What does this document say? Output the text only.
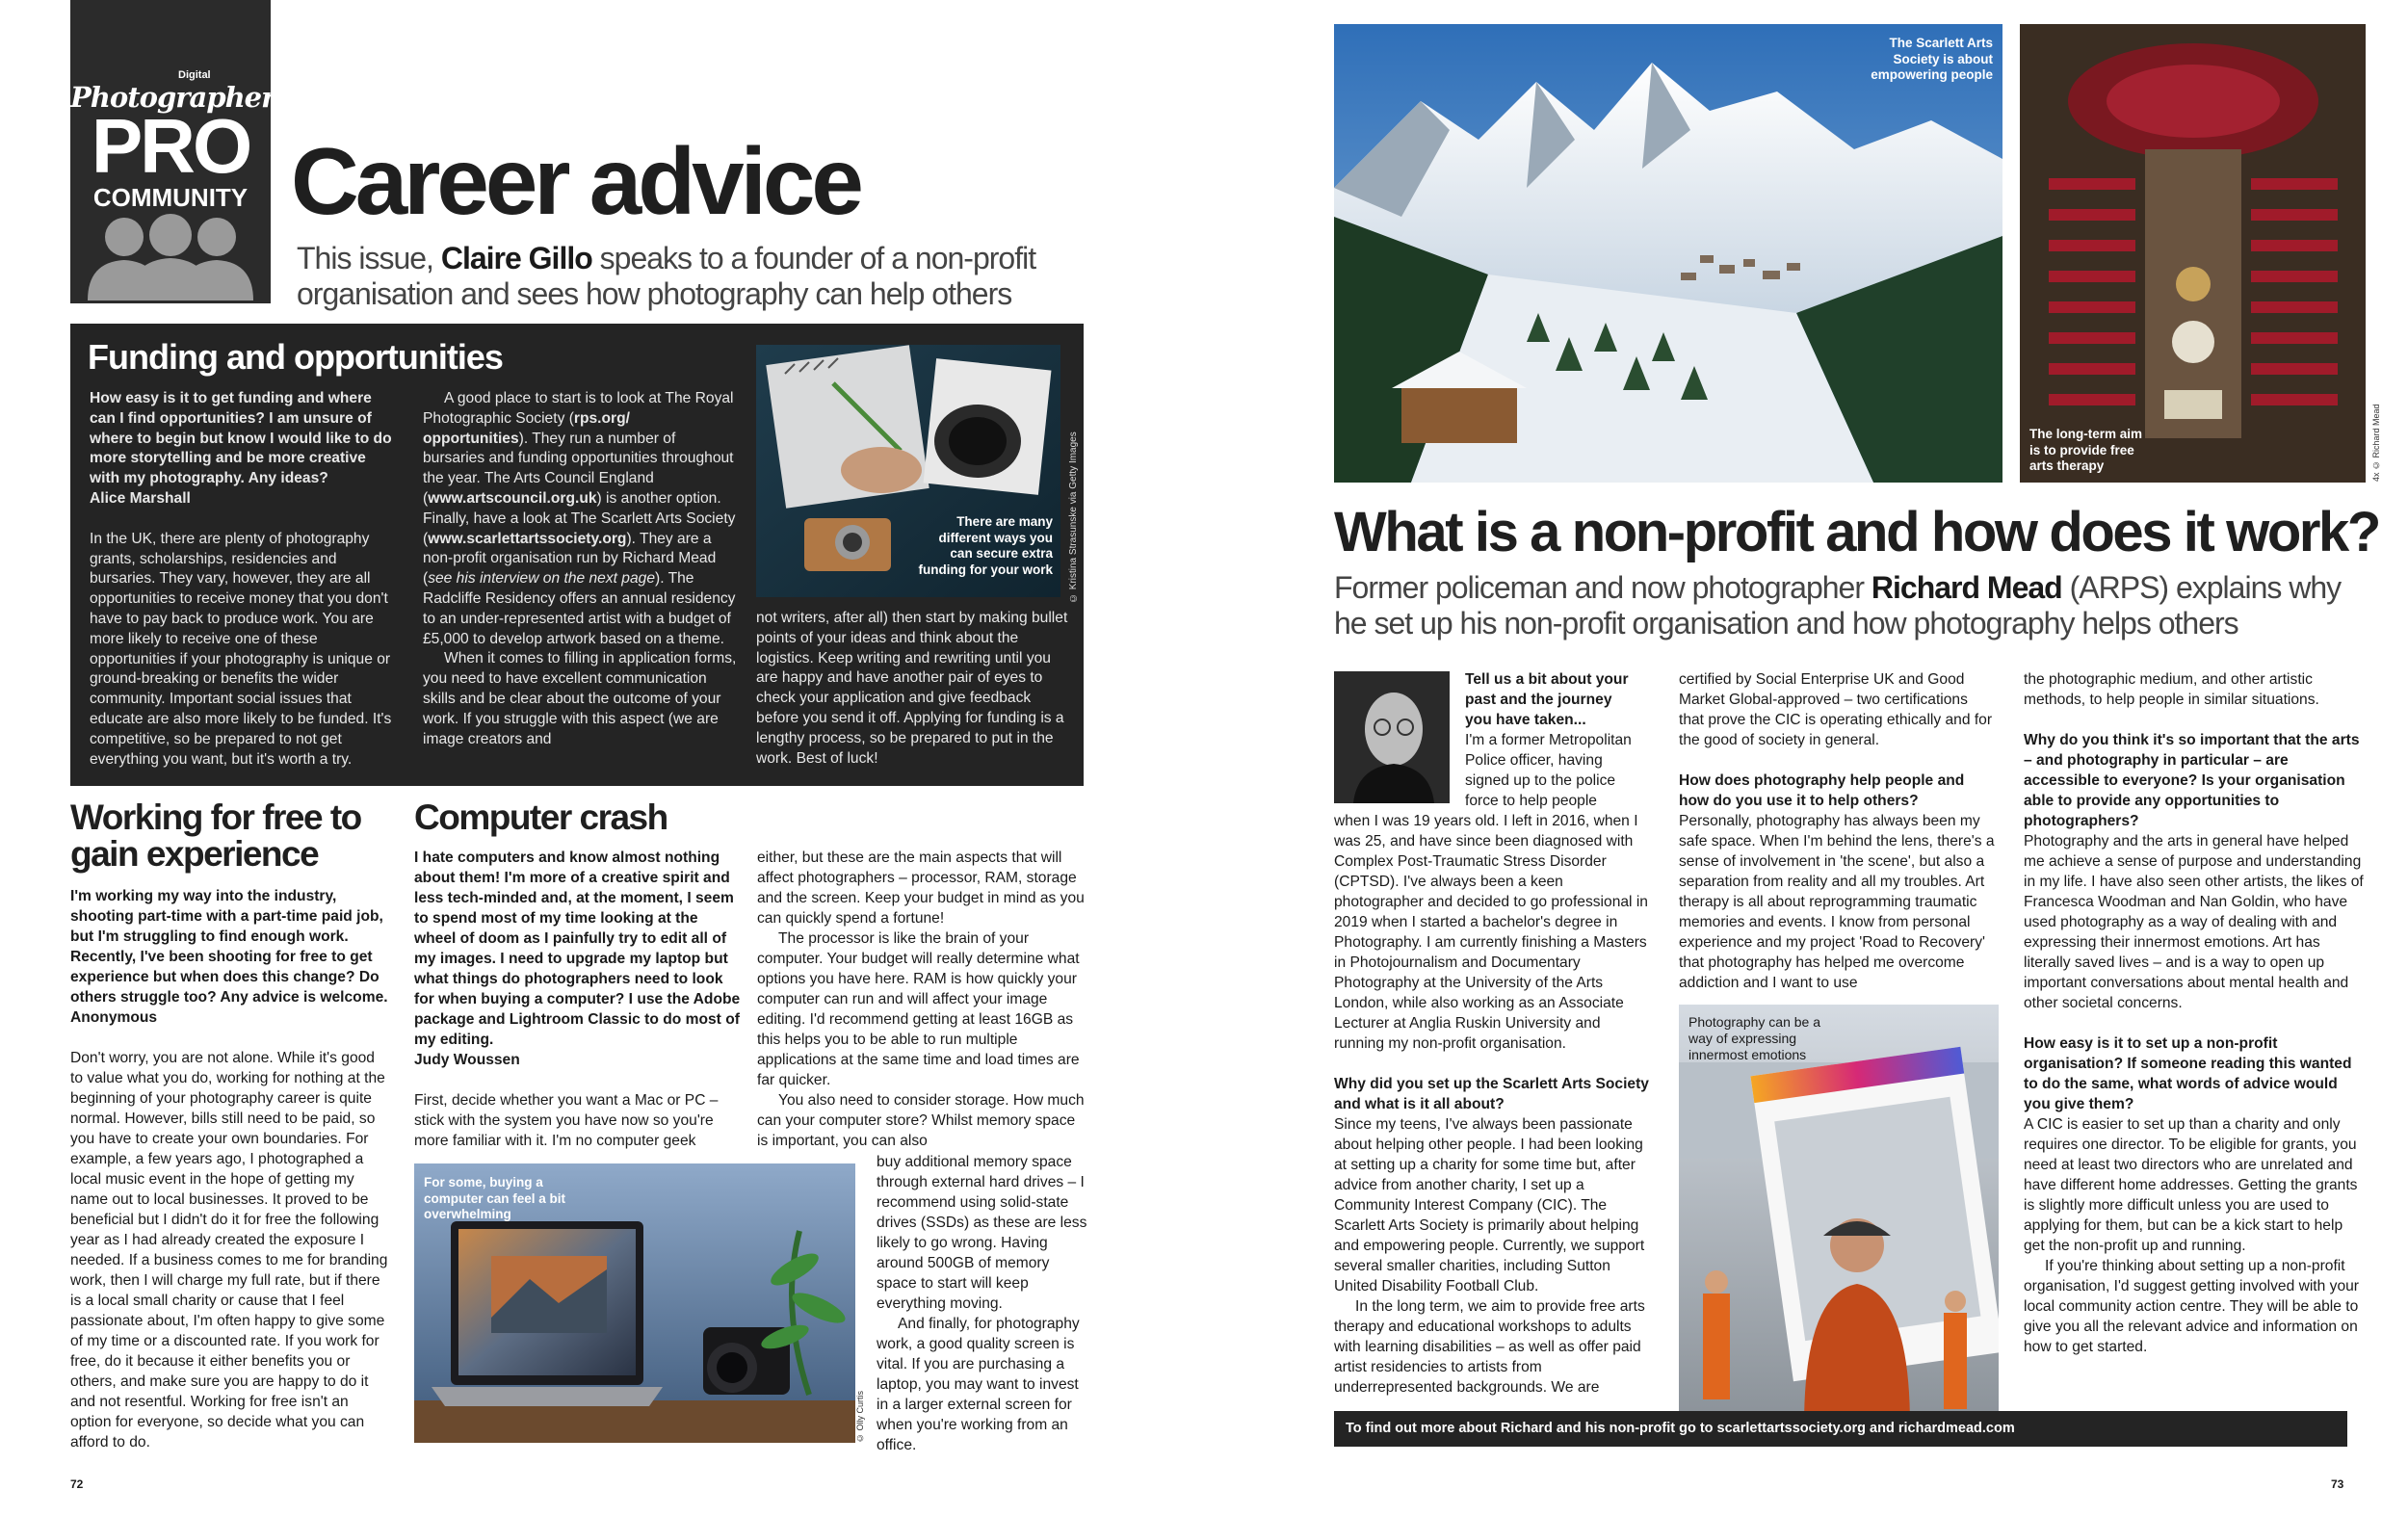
Digital
Photographer
PRO
COMMUNITY Career advice
This issue, Claire Gillo speaks to a founder of a non-profit organisation and sees how photography can help others
Funding and opportunities

How easy is it to get funding and where can I find opportunities? I am unsure of where to begin but know I would like to do more storytelling and be more creative with my photography. Any ideas?

Alice Marshall

In the UK, there are plenty of photography grants, scholarships, residencies and bursaries. They vary, however, they are all opportunities to receive money that you don't have to pay back to produce work. You are more likely to receive one of these opportunities if your photography is unique or ground-breaking or benefits the wider community. Important social issues that educate are also more likely to be funded. It's competitive, so be prepared to not get everything you want, but it's worth a try.

A good place to start is to look at The Royal Photographic Society (rps.org/ opportunities). They run a number of bursaries and funding opportunities throughout the year. The Arts Council England (www.artscouncil.org.uk) is another option. Finally, have a look at The Scarlett Arts Society (www.scarlettartssociety.org). They are a non-profit organisation run by Richard Mead (see his interview on the next page). The Radcliffe Residency offers an annual residency to an under-represented artist with a budget of £5,000 to develop artwork based on a theme.

When it comes to filling in application forms, you need to have excellent communication skills and be clear about the outcome of your work. If you struggle with this aspect (we are image creators and

There are many different ways you can secure extra funding for your work © Kristina Strasunske via Getty Images

not writers, after all) then start by making bullet points of your ideas and think about the logistics. Keep writing and rewriting until you are happy and have another pair of eyes to check your application and give feedback before you send it off. Applying for funding is a lengthy process, so be prepared to put in the work. Best of luck!

Working for free to gain experience

I'm working my way into the industry, shooting part-time with a part-time paid job, but I'm struggling to find enough work. Recently, I've been shooting for free to get experience but when does this change? Do others struggle too? Any advice is welcome.

Anonymous

Don't worry, you are not alone. While it's good to value what you do, working for nothing at the beginning of your photography career is quite normal. However, bills still need to be paid, so you have to create your own boundaries. For example, a few years ago, I photographed a local music event in the hope of getting my name out to local businesses. It proved to be beneficial but I didn't do it for free the following year as I had already created the exposure I needed. If a business comes to me for branding work, then I will charge my full rate, but if there is a local small charity or cause that I feel passionate about, I'm often happy to give some of my time or a discounted rate. If you work for free, do it because it either benefits you or others, and make sure you are happy to do it and not resentful. Working for free isn't an option for everyone, so decide what you can afford to do.

Computer crash

I hate computers and know almost nothing about them! I'm more of a creative spirit and less tech-minded and, at the moment, I seem to spend most of my time looking at the wheel of doom as I painfully try to edit all of my images. I need to upgrade my laptop but what things do photographers need to look for when buying a computer? I use the Adobe package and Lightroom Classic to do most of my editing.

Judy Woussen

First, decide whether you want a Mac or PC – stick with the system you have now so you're more familiar with it. I'm no computer geek

either, but these are the main aspects that will affect photographers – processor, RAM, storage and the screen. Keep your budget in mind as you can quickly spend a fortune!

The processor is like the brain of your computer. Your budget will really determine what options you have here. RAM is how quickly your computer can run and will affect your image editing. I'd recommend getting at least 16GB as this helps you to be able to run multiple applications at the same time and load times are far quicker.

You also need to consider storage. How much can your computer store? Whilst memory space is important, you can also

buy additional memory space through external hard drives – I recommend using solid-state drives (SSDs) as these are less likely to go wrong. Having around 500GB of memory space to start will keep everything moving.

And finally, for photography work, a good quality screen is vital. If you are purchasing a laptop, you may want to invest in a larger external screen for when you're working from an office.

For some, buying a computer can feel a bit overwhelming
© Olly Curtis
72
The Scarlett Arts Society is about empowering people
The long-term aim is to provide free arts therapy	4x © Richard Mead
What is a non-profit and how does it work?
Former policeman and now photographer Richard Mead (ARPS) explains why he set up his non-profit organisation and how photography helps others

Tell us a bit about your past and the journey you have taken...

I'm a former Metropolitan Police officer, having signed up to the police force to help people

when I was 19 years old. I left in 2016, when I was 25, and have since been diagnosed with Complex Post-Traumatic Stress Disorder (CPTSD). I've always been a keen photographer and decided to go professional in 2019 when I started a bachelor's degree in Photography. I am currently finishing a Masters in Photojournalism and Documentary Photography at the University of the Arts London, while also working as an Associate Lecturer at Anglia Ruskin University and running my non-profit organisation.

Why did you set up the Scarlett Arts Society and what is it all about?

Since my teens, I've always been passionate about helping other people. I had been looking at setting up a charity for some time but, after advice from another charity, I set up a Community Interest Company (CIC). The Scarlett Arts Society is primarily about helping and empowering people. Currently, we support several smaller charities, including Sutton United Disability Football Club.

In the long term, we aim to provide free arts therapy and educational workshops to adults with learning disabilities – as well as offer paid artist residencies to artists from underrepresented backgrounds. We are

certified by Social Enterprise UK and Good Market Global-approved – two certifications that prove the CIC is operating ethically and for the good of society in general.

How does photography help people and how do you use it to help others?

Personally, photography has always been my safe space. When I'm behind the lens, there's a sense of involvement in 'the scene', but also a separation from reality and all my troubles. Art therapy is all about reprogramming traumatic memories and events. I know from personal experience and my project 'Road to Recovery' that photography has helped me overcome addiction and I want to use

Photography can be a way of expressing innermost emotions

the photographic medium, and other artistic methods, to help people in similar situations.

Why do you think it's so important that the arts – and photography in particular – are accessible to everyone? Is your organisation able to provide any opportunities to photographers?

Photography and the arts in general have helped me achieve a sense of purpose and understanding in my life. I have also seen other artists, the likes of Francesca Woodman and Nan Goldin, who have used photography as a way of dealing with and expressing their innermost emotions. Art has literally saved lives – and is a way to open up important conversations about mental health and other societal concerns.

How easy is it to set up a non-profit organisation? If someone reading this wanted to do the same, what words of advice would you give them?

A CIC is easier to set up than a charity and only requires one director. To be eligible for grants, you need at least two directors who are unrelated and have different home addresses. Getting the grants is slightly more difficult unless you are used to applying for them, but can be a kick start to help get the non-profit up and running.

If you're thinking about setting up a non-profit organisation, I'd suggest getting involved with your local community action centre. They will be able to give you all the relevant advice and information on how to get started.

To find out more about Richard and his non-profit go to scarlettartssociety.org and richardmead.com
73
